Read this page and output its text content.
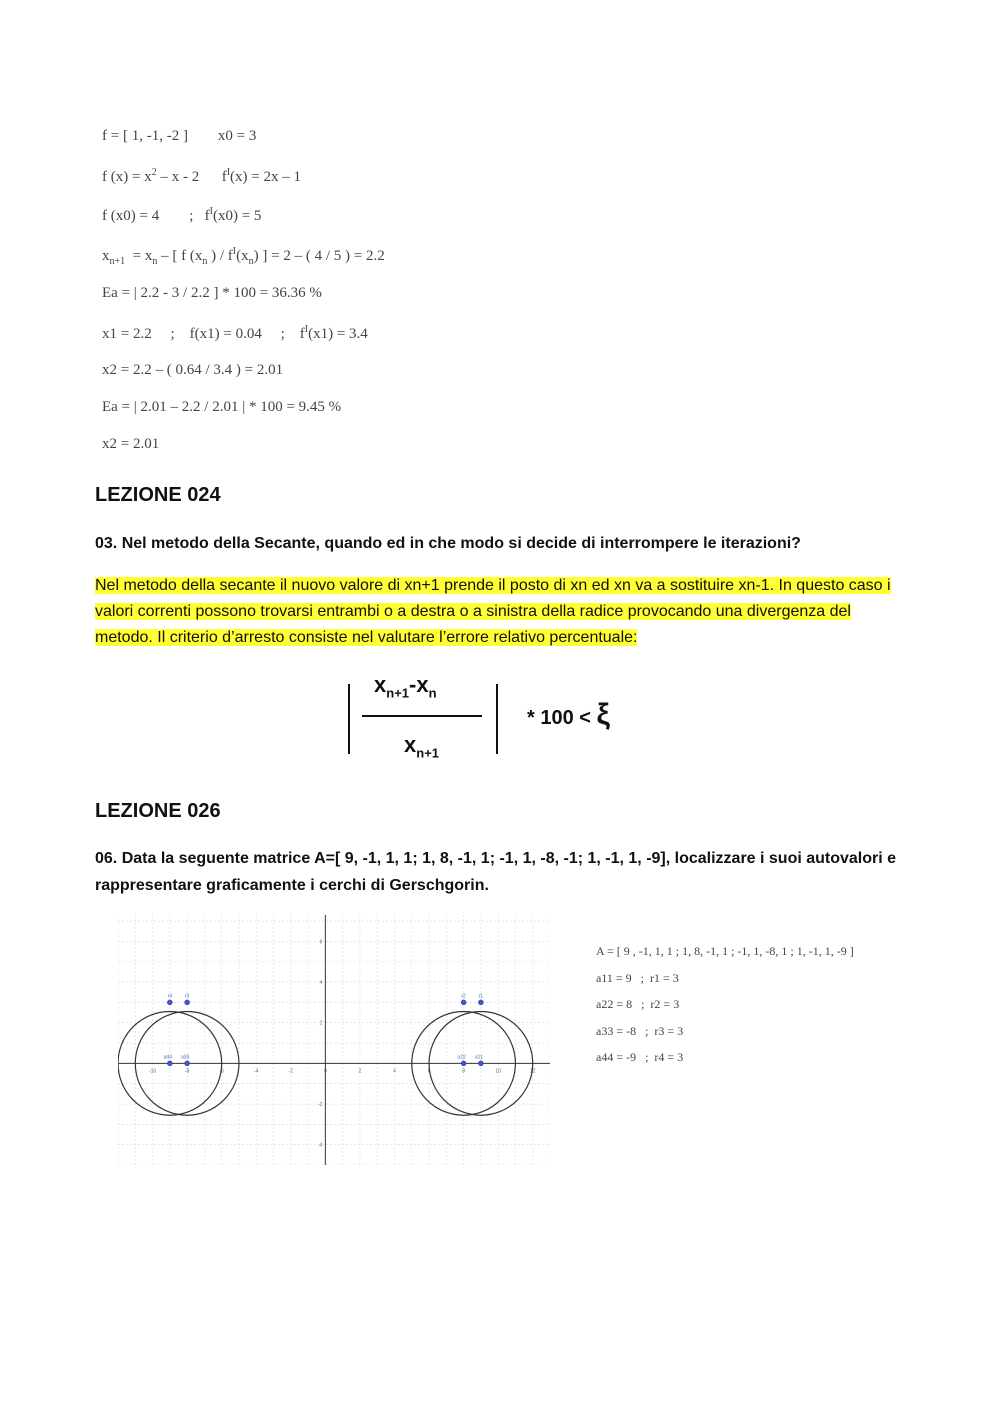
f = [ 1, -1, -2 ]        x0 = 3
f $(x) = x^2 - x - 2$      $f^I(x) = 2x - 1$
f (x0) = 4        ;   $f^I(x0) = 5$
$x_{n+1} = x_n$ – [ f ($x_n$ ) / $f^I(x_n)$ ] = 2 – ( 4 / 5 ) = 2.2
Ea = | 2.2 - 3 / 2.2 ] * 100 = 36.36 %
x1 = 2.2     ;    f(x1) = 0.04     ;    $f^I(x1) = 3.4$
x2 = 2.2 – ( 0.64 / 3.4 ) = 2.01
Ea = | 2.01 – 2.2 / 2.01 | * 100 = 9.45 %
x2 = 2.01
LEZIONE 024
03. Nel metodo della Secante, quando ed in che modo si decide di interrompere le iterazioni?
Nel metodo della secante il nuovo valore di xn+1 prende il posto di xn ed xn va a sostituire xn-1. In questo caso i valori correnti possono trovarsi entrambi o a destra o a sinistra della radice provocando una divergenza del metodo. Il criterio d’arresto consiste nel valutare l’errore relativo percentuale:
$x_{n+1}-x_n$
$x_{n+1}$
* 100 < ξ
LEZIONE 026
06. Data la seguente matrice A=[ 9, -1, 1, 1; 1, 8, -1, 1; -1, 1, -8, -1; 1, -1, 1, -9], localizzare i suoi autovalori e rappresentare graficamente i cerchi di Gerschgorin.
-10	-8	-6	-4	-2	0	2	4	6	8	10	12
6
4
2
-2
-4
a11
r1
a22
r2
a33
r3
a44
r4
A = [ 9 , -1, 1, 1 ; 1, 8, -1, 1 ; -1, 1, -8, 1 ; 1, -1, 1, -9 ]
a11 = 9   ;  r1 = 3
a22 = 8   ;  r2 = 3
a33 = -8   ;  r3 = 3
a44 = -9   ;  r4 = 3
